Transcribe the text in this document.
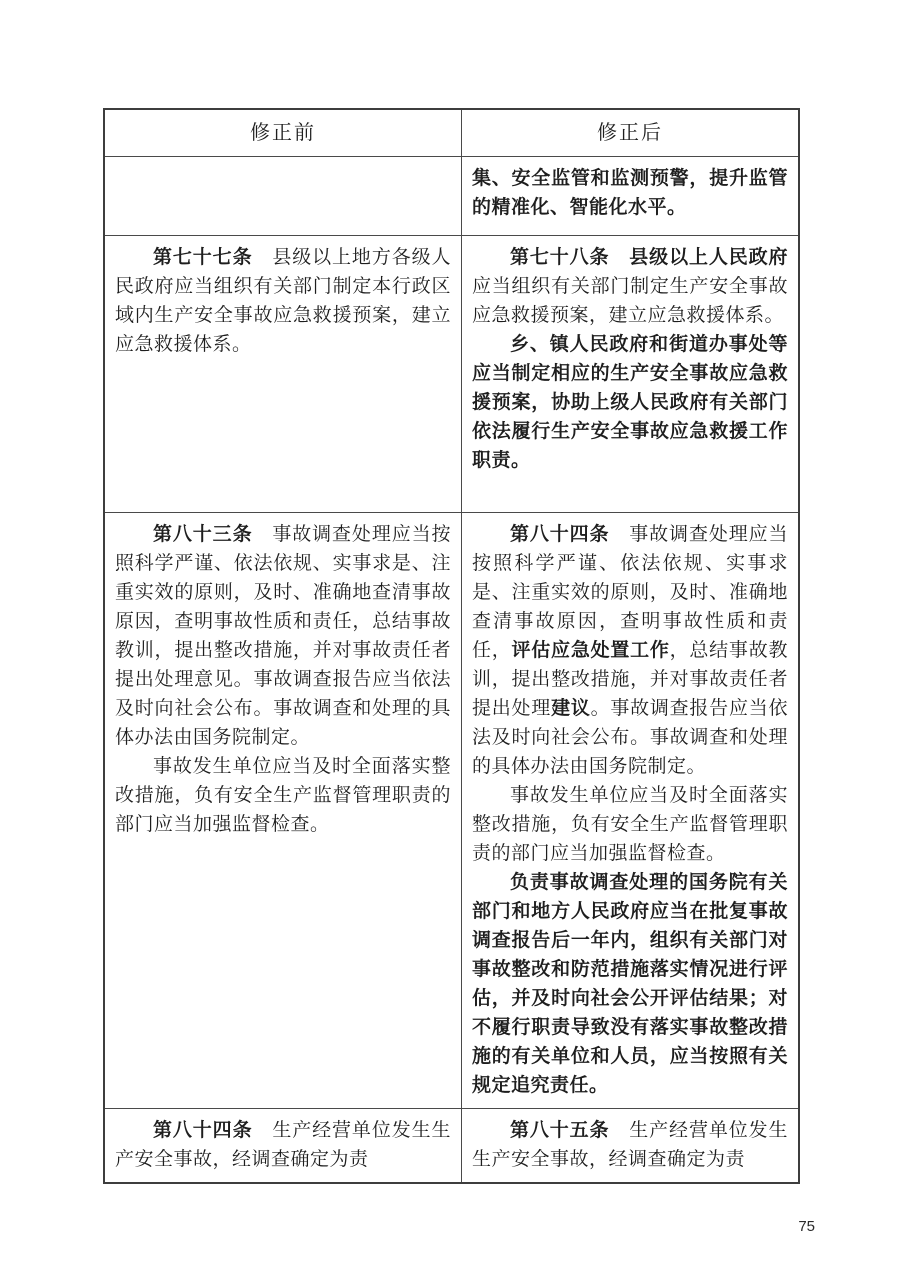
修正前	修正后

集、安全监管和监测预警，提升监管的精准化、智能化水平。

第七十七条　县级以上地方各级人民政府应当组织有关部门制定本行政区域内生产安全事故应急救援预案，建立应急救援体系。

第七十八条　县级以上人民政府应当组织有关部门制定生产安全事故应急救援预案，建立应急救援体系。

乡、镇人民政府和街道办事处等应当制定相应的生产安全事故应急救援预案，协助上级人民政府有关部门依法履行生产安全事故应急救援工作职责。

第八十三条　事故调查处理应当按照科学严谨、依法依规、实事求是、注重实效的原则，及时、准确地查清事故原因，查明事故性质和责任，总结事故教训，提出整改措施，并对事故责任者提出处理意见。事故调查报告应当依法及时向社会公布。事故调查和处理的具体办法由国务院制定。

事故发生单位应当及时全面落实整改措施，负有安全生产监督管理职责的部门应当加强监督检查。

第八十四条　事故调查处理应当按照科学严谨、依法依规、实事求是、注重实效的原则，及时、准确地查清事故原因，查明事故性质和责任，评估应急处置工作，总结事故教训，提出整改措施，并对事故责任者提出处理建议。事故调查报告应当依法及时向社会公布。事故调查和处理的具体办法由国务院制定。

事故发生单位应当及时全面落实整改措施，负有安全生产监督管理职责的部门应当加强监督检查。

负责事故调查处理的国务院有关部门和地方人民政府应当在批复事故调查报告后一年内，组织有关部门对事故整改和防范措施落实情况进行评估，并及时向社会公开评估结果；对不履行职责导致没有落实事故整改措施的有关单位和人员，应当按照有关规定追究责任。

第八十四条　生产经营单位发生生产安全事故，经调查确定为责

第八十五条　生产经营单位发生生产安全事故，经调查确定为责

75
